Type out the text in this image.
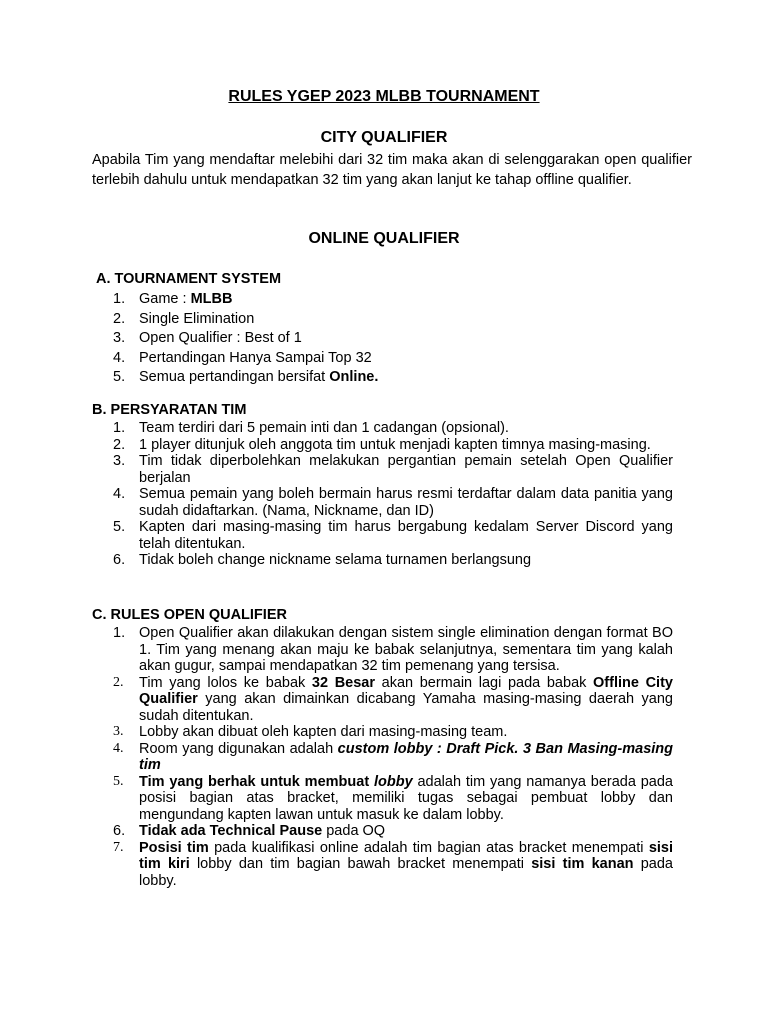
RULES YGEP 2023 MLBB TOURNAMENT
CITY QUALIFIER
Apabila Tim yang mendaftar melebihi dari 32 tim maka akan di selenggarakan open qualifier terlebih dahulu untuk mendapatkan 32 tim yang akan lanjut ke tahap offline qualifier.
ONLINE QUALIFIER
A. TOURNAMENT SYSTEM
1. Game : MLBB
2. Single Elimination
3. Open Qualifier : Best of 1
4. Pertandingan Hanya Sampai Top 32
5. Semua pertandingan bersifat Online.
B. PERSYARATAN TIM
1. Team terdiri dari 5 pemain inti dan 1 cadangan (opsional).
2. 1 player ditunjuk oleh anggota tim untuk menjadi kapten timnya masing-masing.
3. Tim tidak diperbolehkan melakukan pergantian pemain setelah Open Qualifier berjalan
4. Semua pemain yang boleh bermain harus resmi terdaftar dalam data panitia yang sudah didaftarkan. (Nama, Nickname, dan ID)
5. Kapten dari masing-masing tim harus bergabung kedalam Server Discord yang telah ditentukan.
6. Tidak boleh change nickname selama turnamen berlangsung
C. RULES OPEN QUALIFIER
1. Open Qualifier akan dilakukan dengan sistem single elimination dengan format BO 1. Tim yang menang akan maju ke babak selanjutnya, sementara tim yang kalah akan gugur, sampai mendapatkan 32 tim pemenang yang tersisa.
2.	Tim yang lolos ke babak 32 Besar akan bermain lagi pada babak Offline City Qualifier yang akan dimainkan dicabang Yamaha masing-masing daerah yang sudah ditentukan.
3.	Lobby akan dibuat oleh kapten dari masing-masing team.
4.	Room yang digunakan adalah custom lobby : Draft Pick. 3 Ban Masing-masing tim
5.	Tim yang berhak untuk membuat lobby adalah tim yang namanya berada pada posisi bagian atas bracket, memiliki tugas sebagai pembuat lobby dan mengundang kapten lawan untuk masuk ke dalam lobby.
6. Tidak ada Technical Pause pada OQ
7.	Posisi tim pada kualifikasi online adalah tim bagian atas bracket menempati sisi tim kiri lobby dan tim bagian bawah bracket menempati sisi tim kanan pada lobby.
